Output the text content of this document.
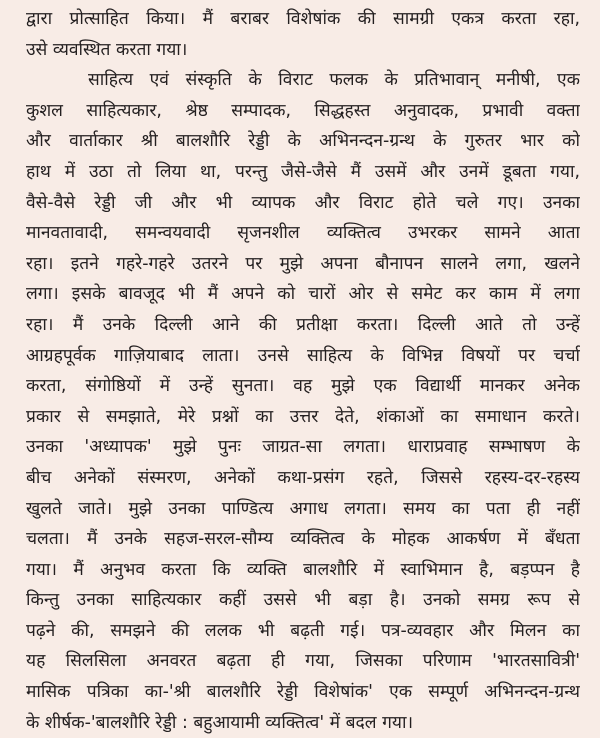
द्वारा प्रोत्साहित किया। मैं बराबर विशेषांक की सामग्री एकत्र करता रहा,
उसे व्यवस्थित करता गया।
साहित्य एवं संस्कृति के विराट फलक के प्रतिभावान् मनीषी, एक
कुशल साहित्यकार, श्रेष्ठ सम्पादक, सिद्धहस्त अनुवादक, प्रभावी वक्ता
और वार्ताकार श्री बालशौरि रेड्डी के अभिनन्दन-ग्रन्थ के गुरुतर भार को
हाथ में उठा तो लिया था, परन्तु जैसे-जैसे मैं उसमें और उनमें डूबता गया,
वैसे-वैसे रेड्डी जी और भी व्यापक और विराट होते चले गए। उनका
मानवतावादी, समन्वयवादी सृजनशील व्यक्तित्व उभरकर सामने आता
रहा। इतने गहरे-गहरे उतरने पर मुझे अपना बौनापन सालने लगा, खलने
लगा। इसके बावजूद भी मैं अपने को चारों ओर से समेट कर काम में लगा
रहा। मैं उनके दिल्ली आने की प्रतीक्षा करता। दिल्ली आते तो उन्हें
आग्रहपूर्वक गाज़ियाबाद लाता। उनसे साहित्य के विभिन्न विषयों पर चर्चा
करता, संगोष्ठियों में उन्हें सुनता। वह मुझे एक विद्यार्थी मानकर अनेक
प्रकार से समझाते, मेरे प्रश्नों का उत्तर देते, शंकाओं का समाधान करते।
उनका 'अध्यापक' मुझे पुनः जाग्रत-सा लगता। धाराप्रवाह सम्भाषण के
बीच अनेकों संस्मरण, अनेकों कथा-प्रसंग रहते, जिससे रहस्य-दर-रहस्य
खुलते जाते। मुझे उनका पाण्डित्य अगाध लगता। समय का पता ही नहीं
चलता। मैं उनके सहज-सरल-सौम्य व्यक्तित्व के मोहक आकर्षण में बँधता
गया। मैं अनुभव करता कि व्यक्ति बालशौरि में स्वाभिमान है, बड़प्पन है
किन्तु उनका साहित्यकार कहीं उससे भी बड़ा है। उनको समग्र रूप से
पढ़ने की, समझने की ललक भी बढ़ती गई। पत्र-व्यवहार और मिलन का
यह सिलसिला अनवरत बढ़ता ही गया, जिसका परिणाम 'भारतसावित्री'
मासिक पत्रिका का-'श्री बालशौरि रेड्डी विशेषांक' एक सम्पूर्ण अभिनन्दन-ग्रन्थ
के शीर्षक-'बालशौरि रेड्डी : बहुआयामी व्यक्तित्व' में बदल गया।
